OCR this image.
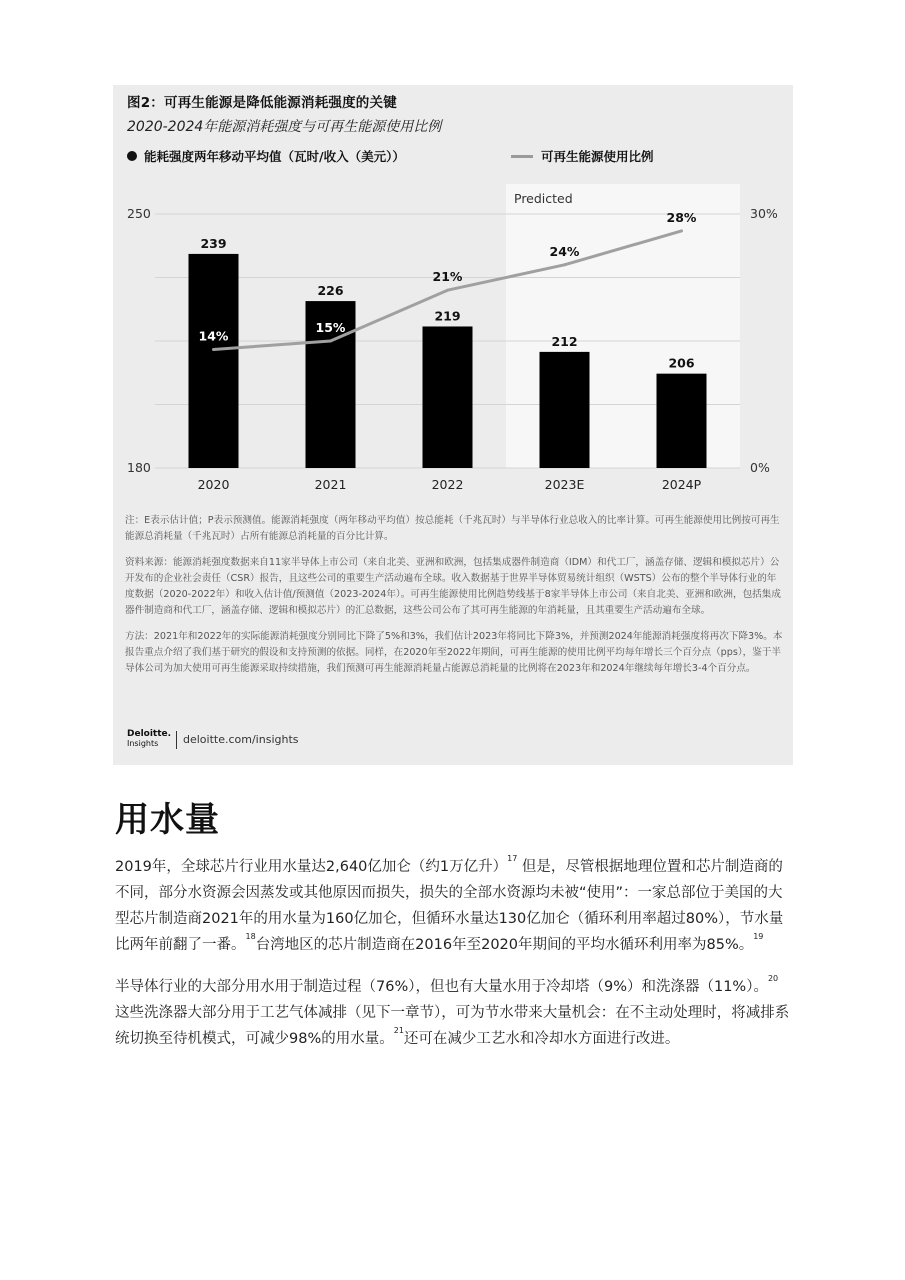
图2：可再生能源是降低能源消耗强度的关键
2020-2024年能源消耗强度与可再生能源使用比例
能耗强度两年移动平均值（瓦时/收入（美元））	可再生能源使用比例
Predicted
250
180
30%
0%
239
226
219
212
206
2020	2021	2022	2023E	2024P
14%
15%
21%
24%
28%

注：E表示估计值；P表示预测值。能源消耗强度（两年移动平均值）按总能耗（千兆瓦时）与半导体行业总收入的比率计算。可再生能源使用比例按可再生能源总消耗量（千兆瓦时）占所有能源总消耗量的百分比计算。

资料来源：能源消耗强度数据来自11家半导体上市公司（来自北美、亚洲和欧洲，包括集成器件制造商（IDM）和代工厂，涵盖存储、逻辑和模拟芯片）公开发布的企业社会责任（CSR）报告，且这些公司的重要生产活动遍布全球。收入数据基于世界半导体贸易统计组织（WSTS）公布的整个半导体行业的年度数据（2020-2022年）和收入估计值/预测值（2023-2024年）。可再生能源使用比例趋势线基于8家半导体上市公司（来自北美、亚洲和欧洲，包括集成器件制造商和代工厂，涵盖存储、逻辑和模拟芯片）的汇总数据，这些公司公布了其可再生能源的年消耗量，且其重要生产活动遍布全球。

方法：2021年和2022年的实际能源消耗强度分别同比下降了5%和3%，我们估计2023年将同比下降3%，并预测2024年能源消耗强度将再次下降3%。本报告重点介绍了我们基于研究的假设和支持预测的依据。同样，在2020年至2022年期间，可再生能源的使用比例平均每年增长三个百分点（pps），鉴于半导体公司为加大使用可再生能源采取持续措施，我们预测可再生能源消耗量占能源总消耗量的比例将在2023年和2024年继续每年增长3-4个百分点。

Deloitte.
Insights	deloitte.com/insights
用水量

2019年，全球芯片行业用水量达2,640亿加仑（约1万亿升）$^{17}$ 但是，尽管根据地理位置和芯片制造商的不同，部分水资源会因蒸发或其他原因而损失，损失的全部水资源均未被“使用”：一家总部位于美国的大型芯片制造商2021年的用水量为160亿加仑，但循环水量达130亿加仑（循环利用率超过80%），节水量比两年前翻了一番。$^{18}$台湾地区的芯片制造商在2016年至2020年期间的平均水循环利用率为85%。$^{19}$

半导体行业的大部分用水用于制造过程（76%），但也有大量水用于冷却塔（9%）和洗涤器（11%）。$^{20}$这些洗涤器大部分用于工艺气体减排（见下一章节），可为节水带来大量机会：在不主动处理时，将减排系统切换至待机模式，可减少98%的用水量。$^{21}$还可在减少工艺水和冷却水方面进行改进。
